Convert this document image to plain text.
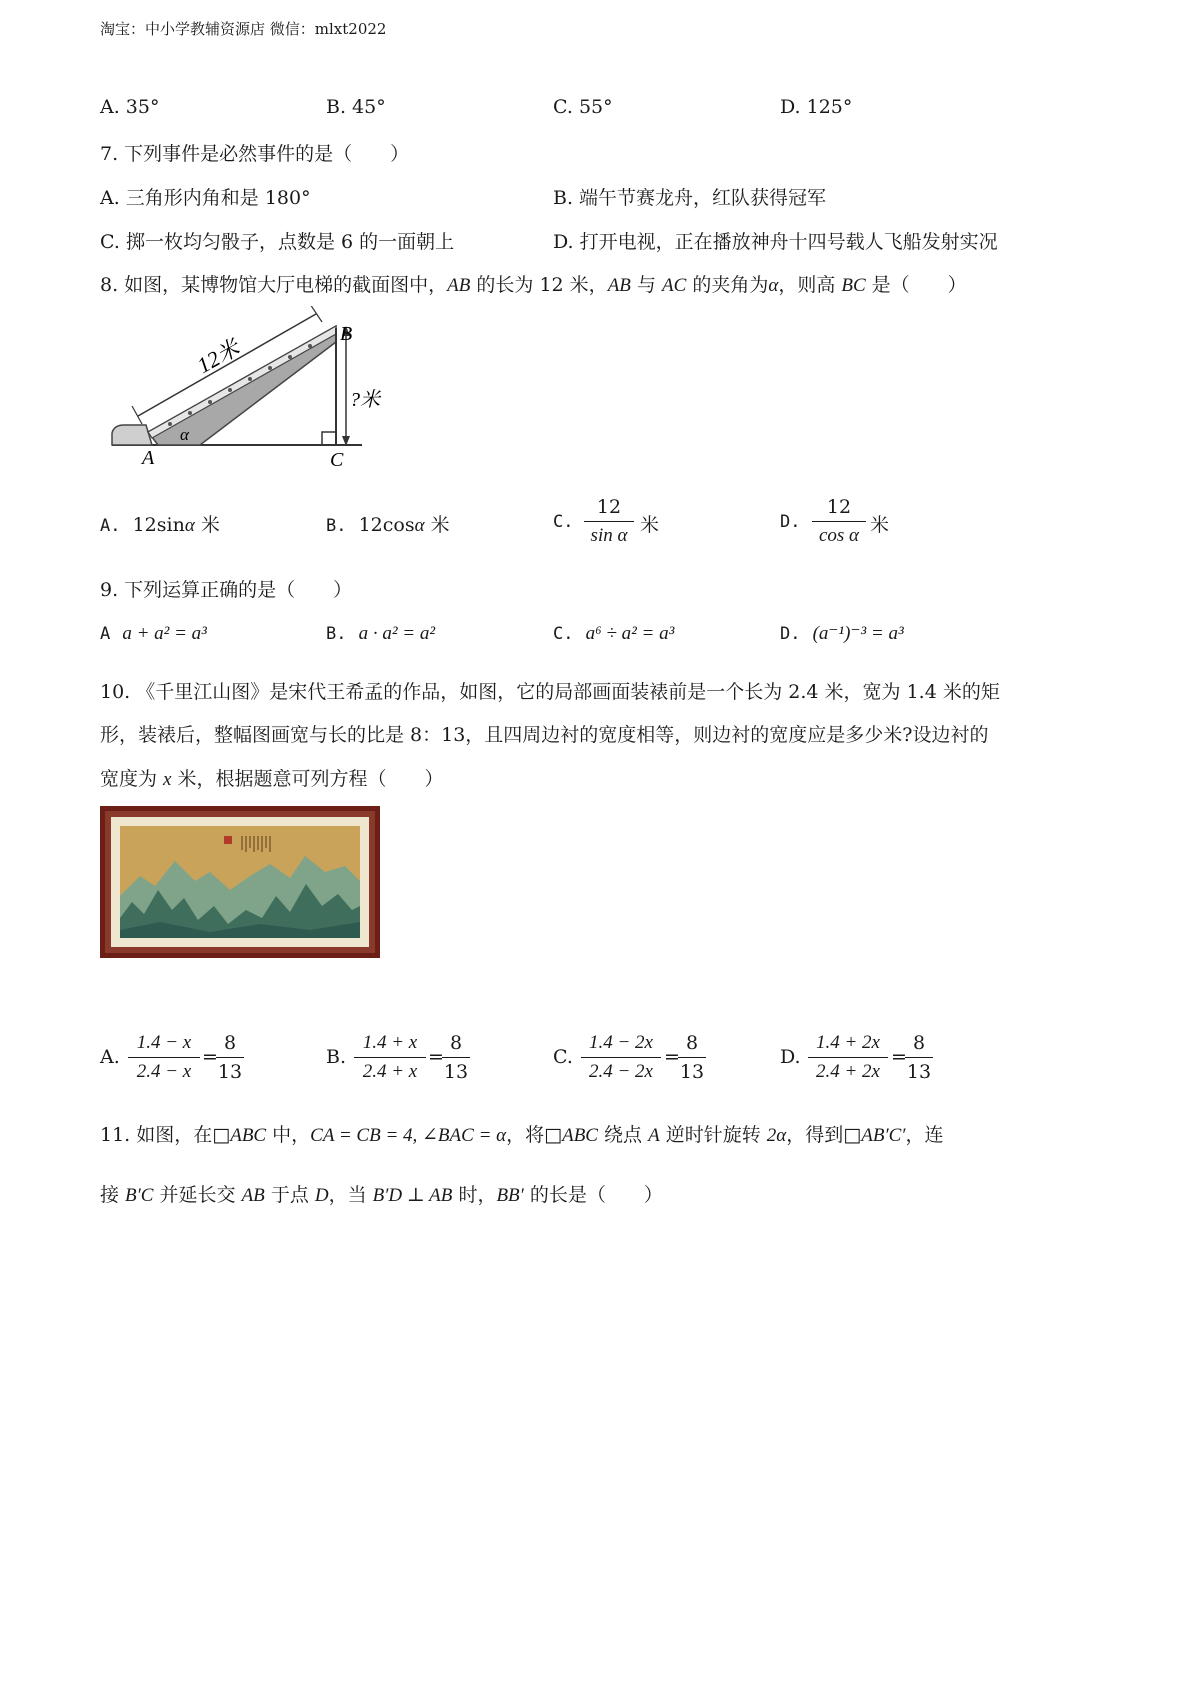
淘宝：中小学教辅资源店 微信：mlxt2022
A. 35°	B. 45°	C. 55°	D. 125°
7. 下列事件是必然事件的是（　　）
A. 三角形内角和是 180°	B. 端午节赛龙舟，红队获得冠军
C. 掷一枚均匀骰子，点数是 6 的一面朝上	D. 打开电视，正在播放神舟十四号载人飞船发射实况
8. 如图，某博物馆大厅电梯的截面图中，AB 的长为 12 米，AB 与 AC 的夹角为α，则高 BC 是（　　）
12米
B
?米
A	C
α
A. 12sinα 米	B. 12cosα 米	C. $\frac{12}{\text{sin α}}$ 米	D. $\frac{12}{\text{cos α}}$ 米
9. 下列运算正确的是（　　）
A a + a² = a³	B. a · a² = a²	C. a⁶ ÷ a² = a³	D. (a⁻¹)⁻³ = a³
10. 《千里江山图》是宋代王希孟的作品，如图，它的局部画面装裱前是一个长为 2.4 米，宽为 1.4 米的矩
形，装裱后，整幅图画宽与长的比是 8：13，且四周边衬的宽度相等，则边衬的宽度应是多少米?设边衬的
宽度为 x 米，根据题意可列方程（　　）
A. $\frac{1.4 - x}{2.4 - x}$ =
$\frac{8}{13}$	B. $\frac{1.4 + x}{2.4 + x}$ =
$\frac{8}{13}$	C. $\frac{1.4 - 2x}{2.4 - 2x}$ =
$\frac{8}{13}$	D. $\frac{1.4 + 2x}{2.4 + 2x}$ =
$\frac{8}{13}$
11. 如图，在□ABC 中，CA = CB = 4, ∠BAC = α，将□ABC 绕点 A 逆时针旋转 2α，得到□AB′C′，连
接 B′C 并延长交 AB 于点 D，当 B′D ⊥ AB 时，BB′ 的长是（　　）
